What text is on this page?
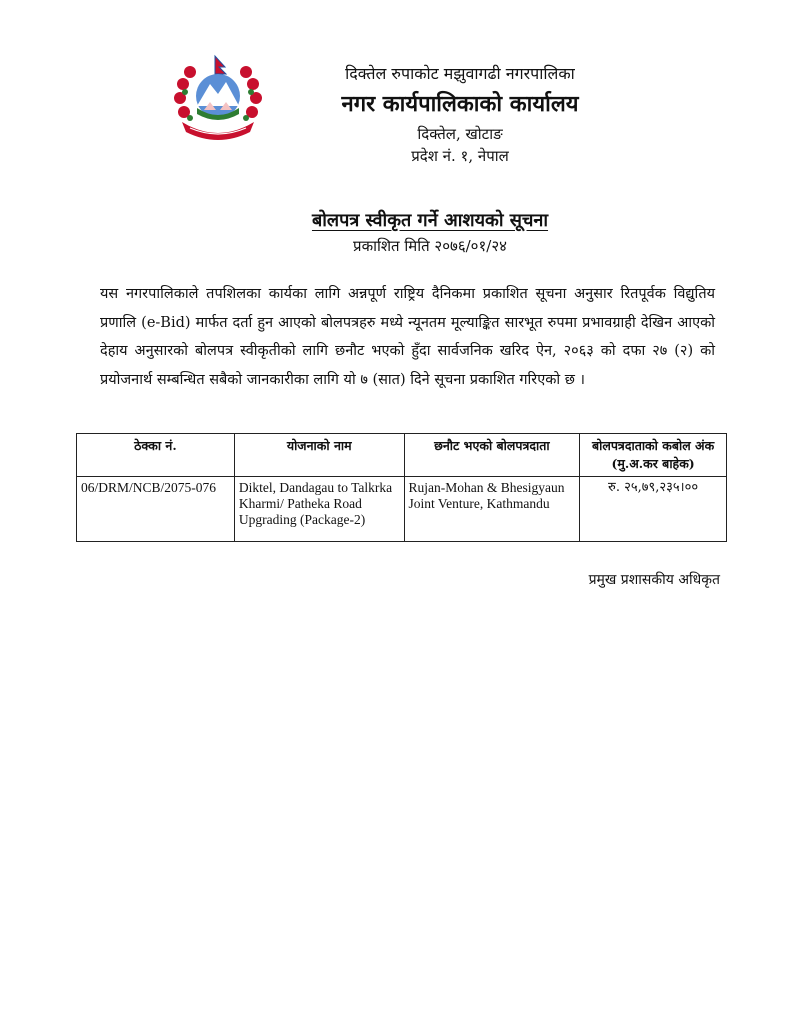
दिक्तेल रुपाकोट मझुवागढी नगरपालिका
नगर कार्यपालिकाको कार्यालय
दिक्तेल, खोटाङ
प्रदेश नं. १, नेपाल
बोलपत्र स्वीकृत गर्ने आशयको सूचना
प्रकाशित मिति २०७६/०१/२४

यस नगरपालिकाले तपशिलका कार्यका लागि अन्नपूर्ण राष्ट्रिय दैनिकमा प्रकाशित सूचना अनुसार रितपूर्वक विद्युतिय प्रणालि (e-Bid) मार्फत दर्ता हुन आएको बोलपत्रहरु मध्ये न्यूनतम मूल्याङ्कित सारभूत रुपमा प्रभावग्राही देखिन आएको देहाय अनुसारको बोलपत्र स्वीकृतीको लागि छनौट भएको हुँदा सार्वजनिक खरिद ऐन, २०६३ को दफा २७ (२) को प्रयोजनार्थ सम्बन्धित सबैको जानकारीका लागि यो ७ (सात) दिने सूचना प्रकाशित गरिएको छ ।

ठेक्का नं.	योजनाको नाम	छनौट भएको बोलपत्रदाता	बोलपत्रदाताको कबोल अंक (मु.अ.कर बाहेक)
06/DRM/NCB/2075-076	Diktel, Dandagau to Talkrka Kharmi/ Patheka Road Upgrading (Package-2)	Rujan-Mohan & Bhesigyaun Joint Venture, Kathmandu	रु. २५,७९,२३५।००
प्रमुख प्रशासकीय अधिकृत
